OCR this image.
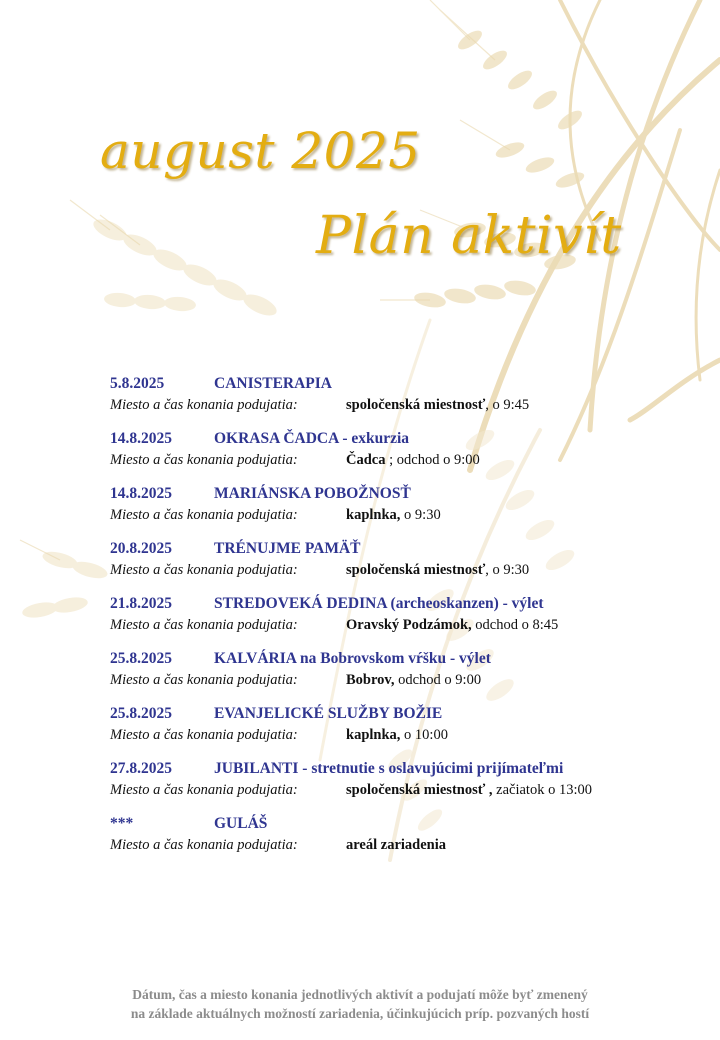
august 2025
Plán aktivít
5.8.2025	CANISTERAPIA
Miesto a čas konania podujatia:	spoločenská miestnosť, o 9:45
14.8.2025	OKRASA ČADCA - exkurzia
Miesto a čas konania podujatia:	Čadca ; odchod o 9:00
14.8.2025	MARIÁNSKA POBOŽNOSŤ
Miesto a čas konania podujatia:	kaplnka, o 9:30
20.8.2025	TRÉNUJME PAMÄŤ
Miesto a čas konania podujatia:	spoločenská miestnosť, o 9:30
21.8.2025	STREDOVEKÁ DEDINA (archeoskanzen) - výlet
Miesto a čas konania podujatia:	Oravský Podzámok, odchod o 8:45
25.8.2025	KALVÁRIA na Bobrovskom vŕšku - výlet
Miesto a čas konania podujatia:	Bobrov, odchod o 9:00
25.8.2025	EVANJELICKÉ SLUŽBY BOŽIE
Miesto a čas konania podujatia:	kaplnka, o 10:00
27.8.2025	JUBILANTI - stretnutie s oslavujúcimi prijímateľmi
Miesto a čas konania podujatia:	spoločenská miestnosť , začiatok o 13:00
***	GULÁŠ
Miesto a čas konania podujatia:	areál zariadenia
Dátum, čas a miesto konania jednotlivých aktivít a podujatí môže byť zmenený
na základe aktuálnych možností zariadenia, účinkujúcich príp. pozvaných hostí
